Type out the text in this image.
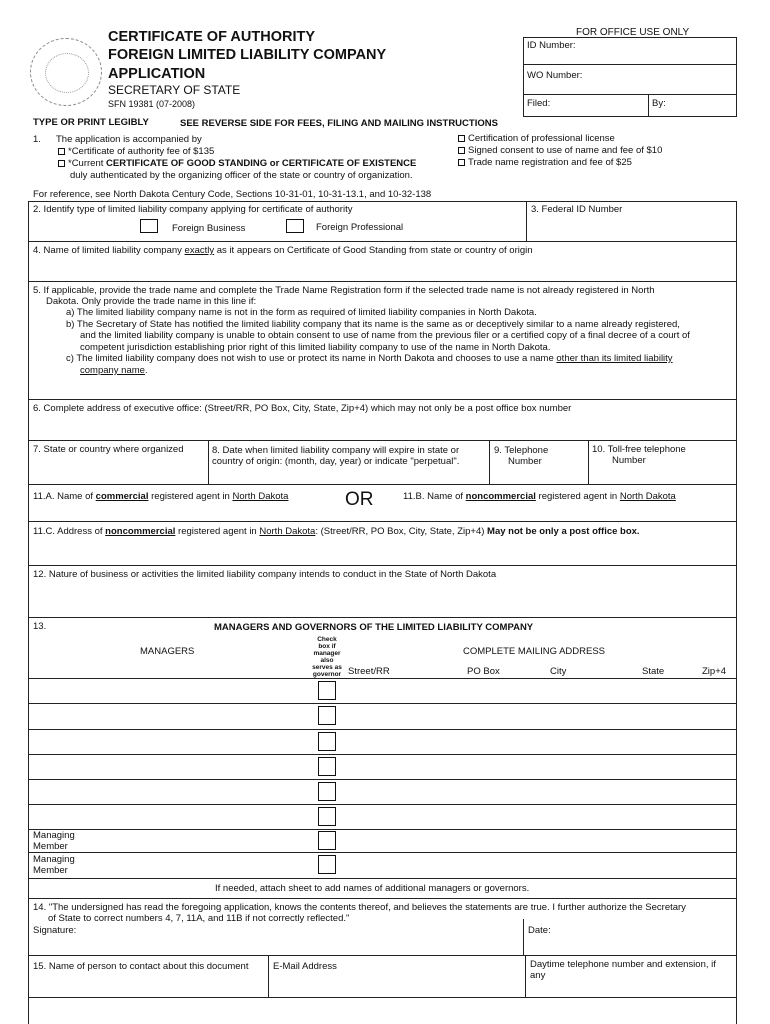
CERTIFICATE OF AUTHORITY
FOREIGN LIMITED LIABILITY COMPANY
APPLICATION
SECRETARY OF STATE
SFN 19381 (07-2008)
FOR OFFICE USE ONLY
ID Number:
WO Number:
Filed:	By:
TYPE OR PRINT LEGIBLY	SEE REVERSE SIDE FOR FEES, FILING AND MAILING INSTRUCTIONS
1. The application is accompanied by
*Certificate of authority fee of $135
*Current CERTIFICATE OF GOOD STANDING or CERTIFICATE OF EXISTENCE
duly authenticated by the organizing officer of the state or country of organization.
Certification of professional license
Signed consent to use of name and fee of $10
Trade name registration and fee of $25
For reference, see North Dakota Century Code, Sections 10-31-01, 10-31-13.1, and 10-32-138
2. Identify type of limited liability company applying for certificate of authority
Foreign Business	Foreign Professional
3. Federal ID Number
4. Name of limited liability company exactly as it appears on Certificate of Good Standing from state or country of origin
5. If applicable, provide the trade name and complete the Trade Name Registration form if the selected trade name is not already registered in North
Dakota. Only provide the trade name in this line if:
a) The limited liability company name is not in the form as required of limited liability companies in North Dakota.
b) The Secretary of State has notified the limited liability company that its name is the same as or deceptively similar to a name already registered,
and the limited liability company is unable to obtain consent to use of name from the previous filer or a certified copy of a final decree of a court of
competent jurisdiction establishing prior right of this limited liability company to use of the name in North Dakota.
c) The limited liability company does not wish to use or protect its name in North Dakota and chooses to use a name other than its limited liability
company name.
6. Complete address of executive office: (Street/RR, PO Box, City, State, Zip+4) which may not only be a post office box number
7. State or country where organized	8. Date when limited liability company will expire in state or
country of origin: (month, day, year) or indicate "perpetual".
9. Telephone
Number
10. Toll-free telephone
Number
11.A. Name of commercial registered agent in North Dakota	OR	11.B. Name of noncommercial registered agent in North Dakota
11.C. Address of noncommercial registered agent in North Dakota: (Street/RR, PO Box, City, State, Zip+4) May not be only a post office box.
12. Nature of business or activities the limited liability company intends to conduct in the State of North Dakota
13.	MANAGERS AND GOVERNORS OF THE LIMITED LIABILITY COMPANY
MANAGERS
Check
box if
manager
also
serves as
governor
COMPLETE MAILING ADDRESS
Street/RR	PO Box	City	State	Zip+4
Managing
Member
Managing
Member
If needed, attach sheet to add names of additional managers or governors.
14. "The undersigned has read the foregoing application, knows the contents thereof, and believes the statements are true. I further authorize the Secretary
of State to correct numbers 4, 7, 11A, and 11B if not correctly reflected."
Signature:	Date:
15. Name of person to contact about this document	E-Mail Address	Daytime telephone number and extension, if
any
